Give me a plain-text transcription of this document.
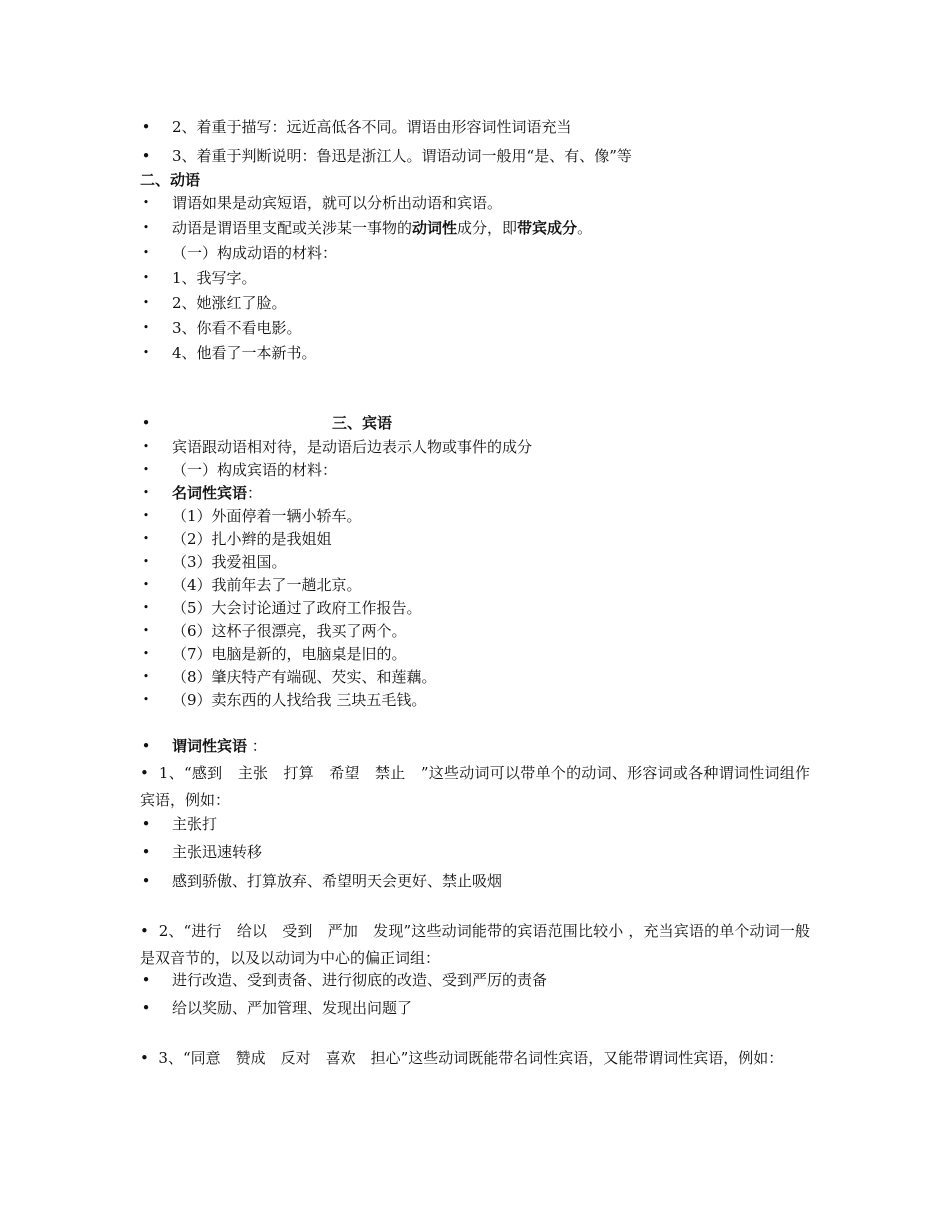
• 2、着重于描写：远近高低各不同。谓语由形容词性词语充当
• 3、着重于判断说明：鲁迅是浙江人。谓语动词一般用“是、有、像”等
二、动语
• 谓语如果是动宾短语，就可以分析出动语和宾语。
• 动语是谓语里支配或关涉某一事物的动词性成分，即带宾成分。
• （一）构成动语的材料：
• 1、我写字。
• 2、她涨红了脸。
• 3、你看不看电影。
• 4、他看了一本新书。
•	三、宾语
• 宾语跟动语相对待，是动语后边表示人物或事件的成分
• （一）构成宾语的材料：
• 名词性宾语：
• （1）外面停着一辆小轿车。
• （2）扎小辫的是我姐姐
• （3）我爱祖国。
• （4）我前年去了一趟北京。
• （5）大会讨论通过了政府工作报告。
• （6）这杯子很漂亮，我买了两个。
• （7）电脑是新的，电脑桌是旧的。
• （8）肇庆特产有端砚、芡实、和莲藕。
• （9）卖东西的人找给我 三块五毛钱。
• 谓词性宾语 ：
• 1、“感到　主张　打算　希望　禁止　”这些动词可以带单个的动词、形容词或各种谓词性词组作宾语，例如：
• 主张打
• 主张迅速转移
• 感到骄傲、打算放弃、希望明天会更好、禁止吸烟
• 2、“进行　给以　受到　严加　发现”这些动词能带的宾语范围比较小 ，充当宾语的单个动词一般是双音节的，以及以动词为中心的偏正词组：
• 进行改造、受到责备、进行彻底的改造、受到严厉的责备
• 给以奖励、严加管理、发现出问题了
• 3、“同意　赞成　反对　喜欢　担心”这些动词既能带名词性宾语，又能带谓词性宾语，例如：
